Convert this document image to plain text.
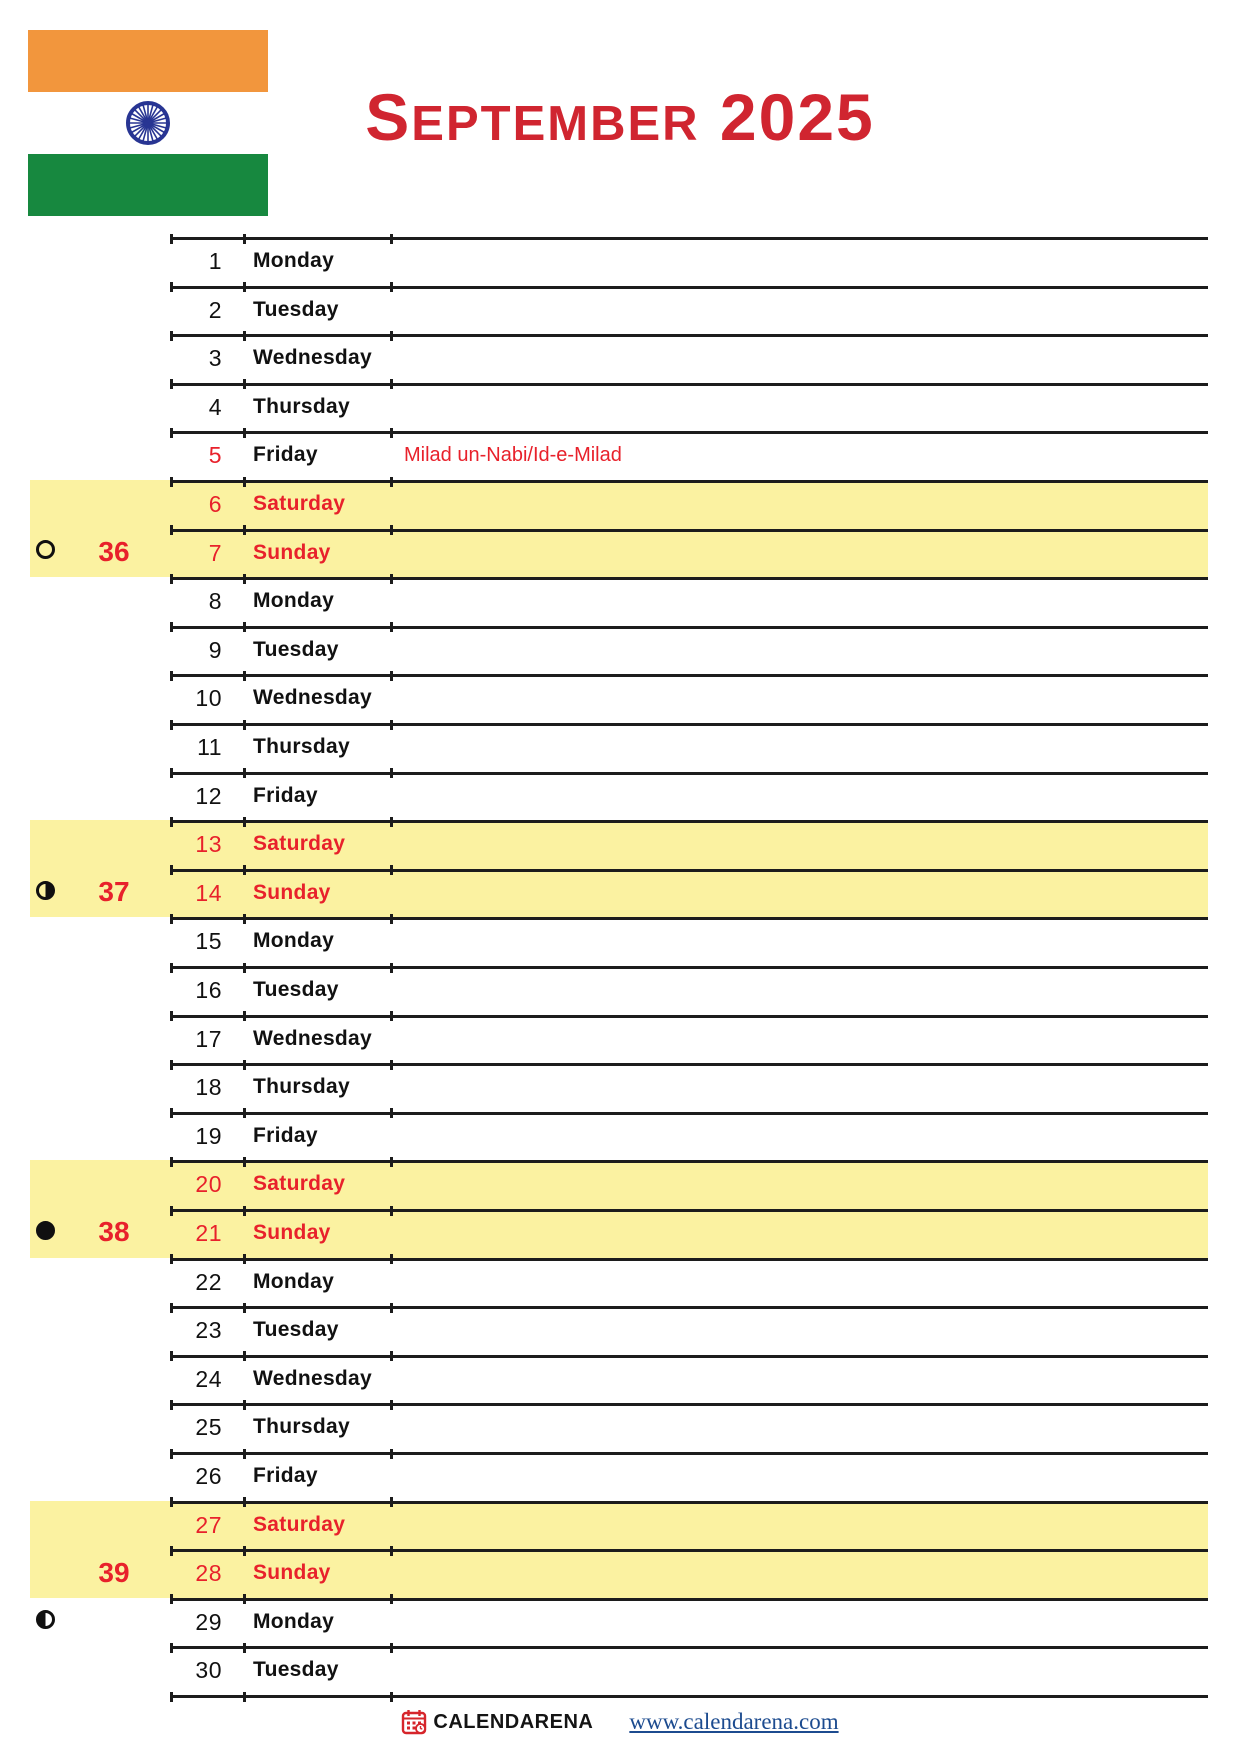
SEPTEMBER 2025
36
37
38
39
1 Monday
2 Tuesday
3 Wednesday
4 Thursday
5 Friday	Milad un-Nabi/Id-e-Milad
6 Saturday
7 Sunday
8 Monday
9 Tuesday
10 Wednesday
11 Thursday
12 Friday
13 Saturday
14 Sunday
15 Monday
16 Tuesday
17 Wednesday
18 Thursday
19 Friday
20 Saturday
21 Sunday
22 Monday
23 Tuesday
24 Wednesday
25 Thursday
26 Friday
27 Saturday
28 Sunday
29 Monday
30 Tuesday
CALENDARENA www.calendarena.com
